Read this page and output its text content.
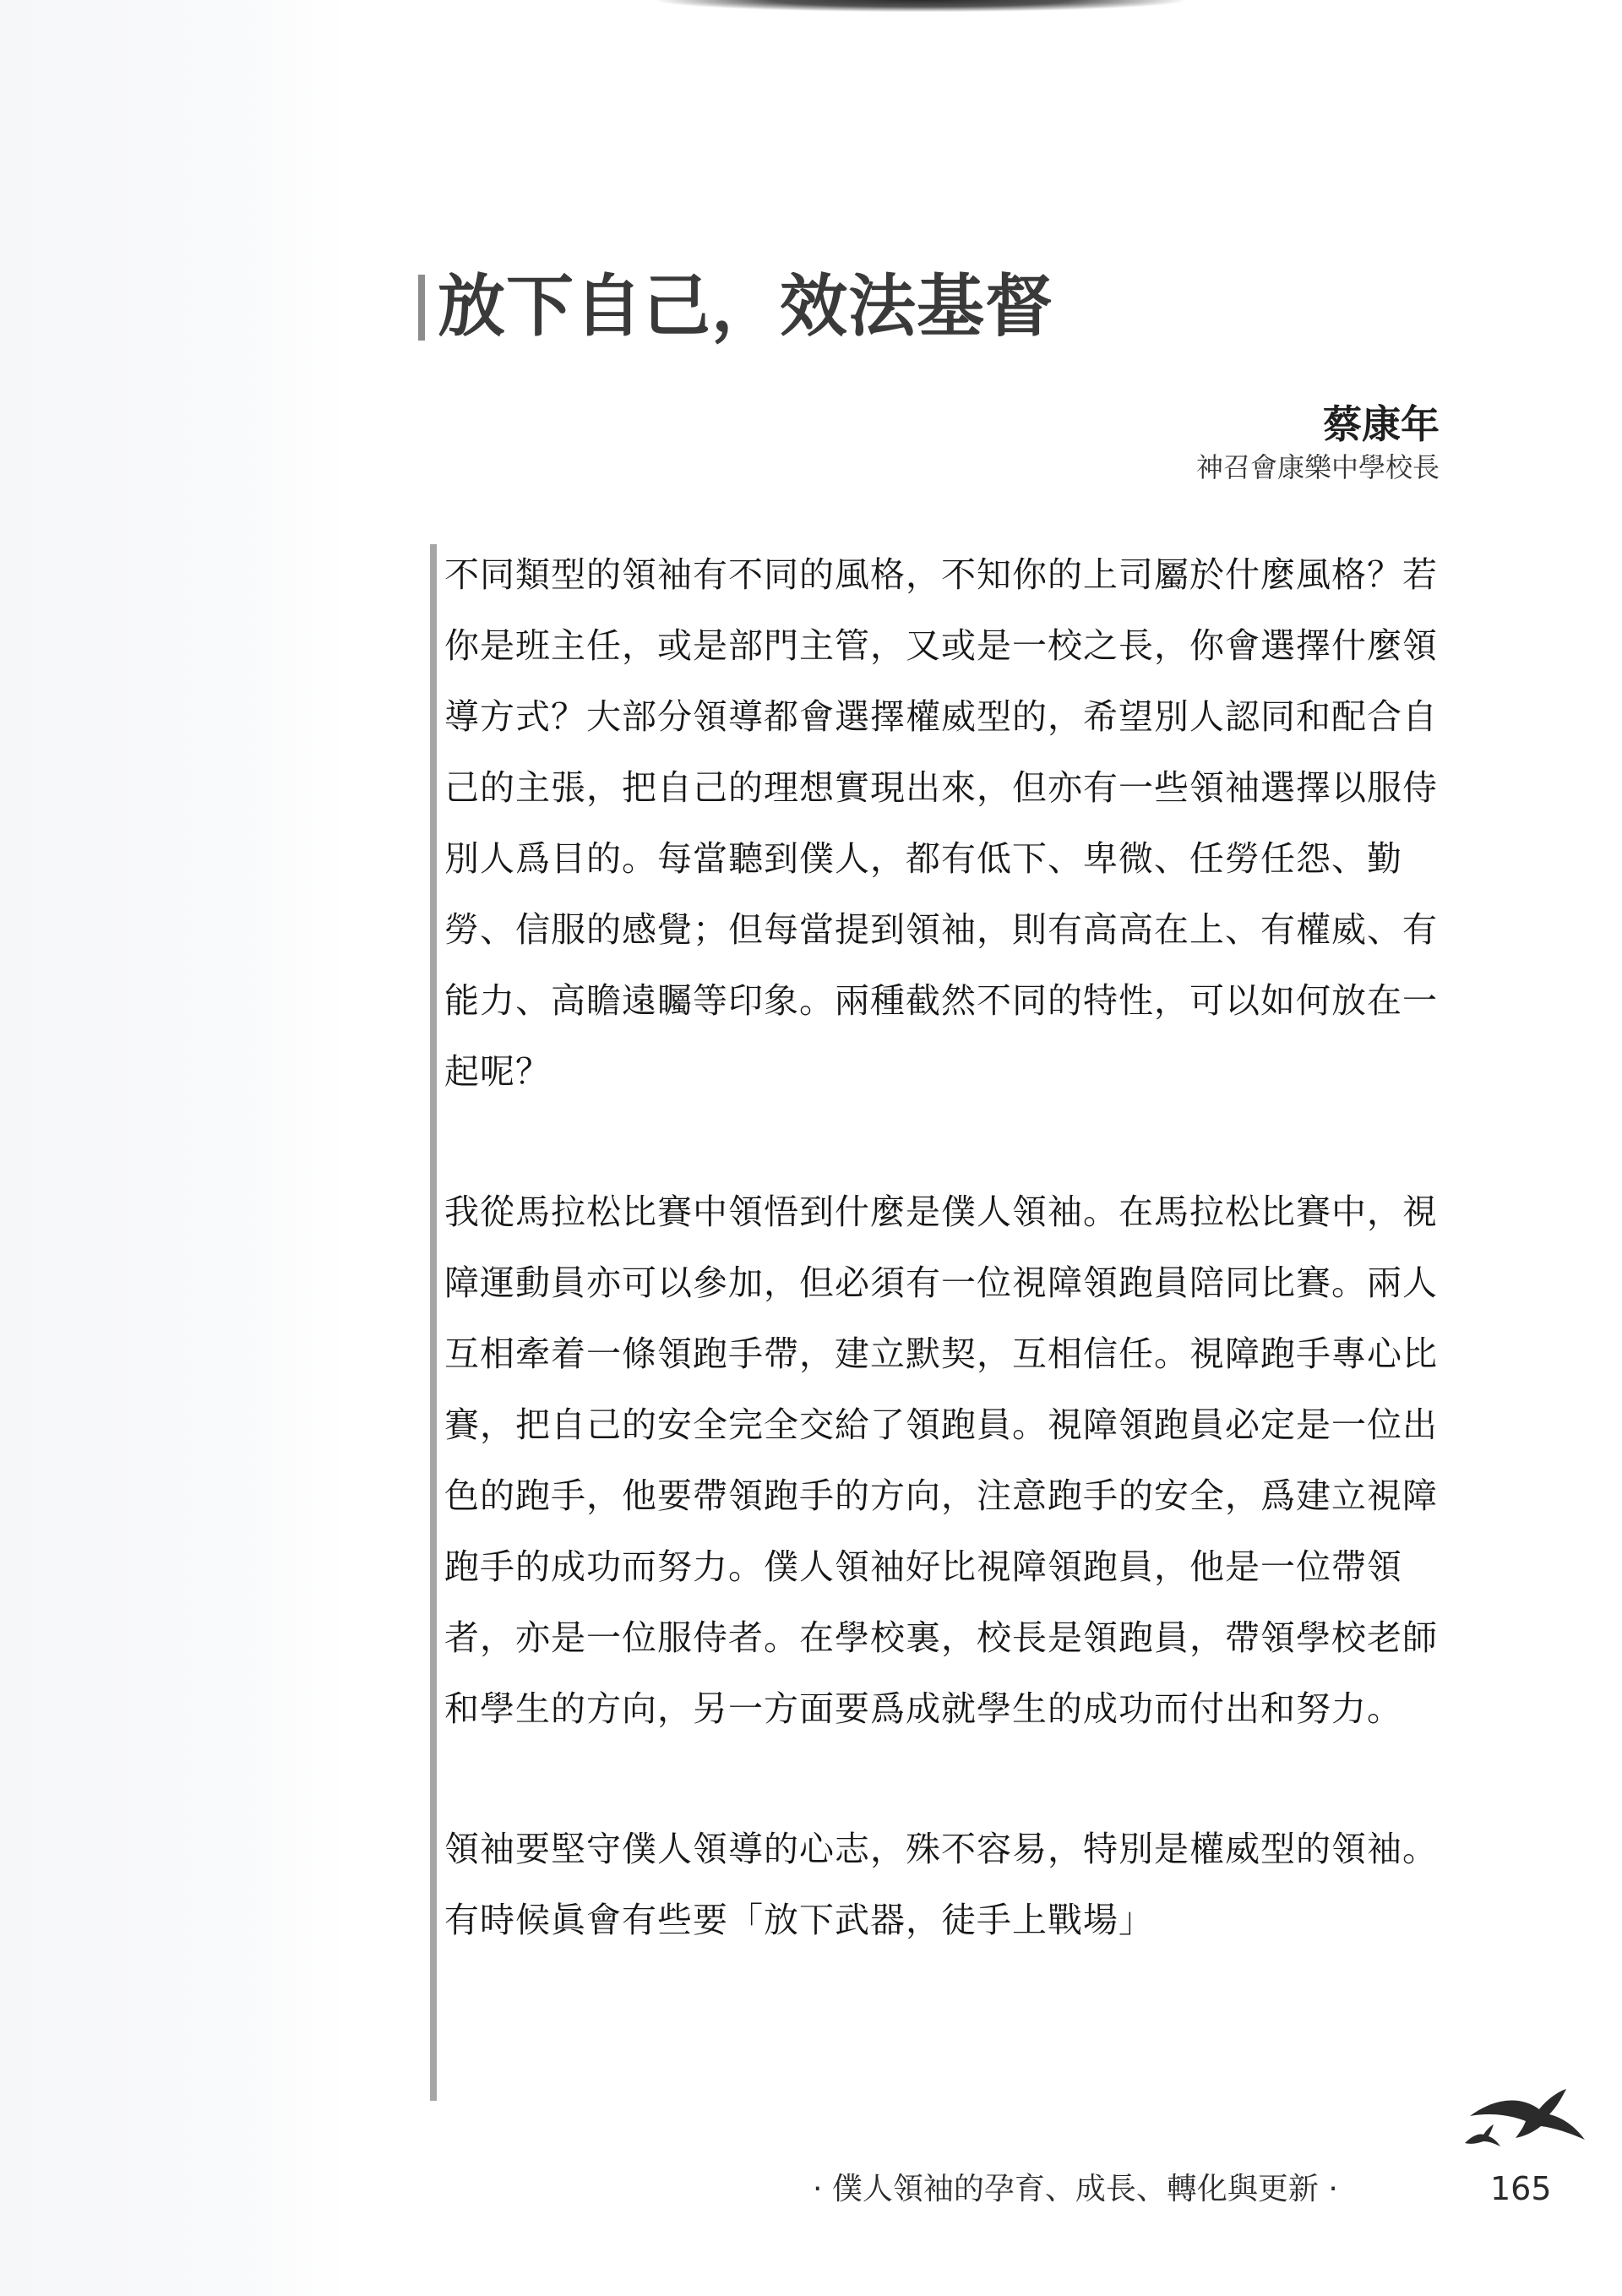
放下自己，效法基督
蔡康年
神召會康樂中學校長

不同類型的領袖有不同的風格，不知你的上司屬於什麼風格？若你是班主任，或是部門主管，又或是一校之長，你會選擇什麼領導方式？大部分領導都會選擇權威型的，希望別人認同和配合自己的主張，把自己的理想實現出來，但亦有一些領袖選擇以服侍別人爲目的。每當聽到僕人，都有低下、卑微、任勞任怨、勤勞、信服的感覺；但每當提到領袖，則有高高在上、有權威、有能力、高瞻遠矚等印象。兩種截然不同的特性，可以如何放在一起呢？

我從馬拉松比賽中領悟到什麼是僕人領袖。在馬拉松比賽中，視障運動員亦可以參加，但必須有一位視障領跑員陪同比賽。兩人互相牽着一條領跑手帶，建立默契，互相信任。視障跑手專心比賽，把自己的安全完全交給了領跑員。視障領跑員必定是一位出色的跑手，他要帶領跑手的方向，注意跑手的安全，爲建立視障跑手的成功而努力。僕人領袖好比視障領跑員，他是一位帶領者，亦是一位服侍者。在學校裏，校長是領跑員，帶領學校老師和學生的方向，另一方面要爲成就學生的成功而付出和努力。

領袖要堅守僕人領導的心志，殊不容易，特別是權威型的領袖。有時候眞會有些要「放下武器，徒手上戰場」

· 僕人領袖的孕育、成長、轉化與更新 ·	165
